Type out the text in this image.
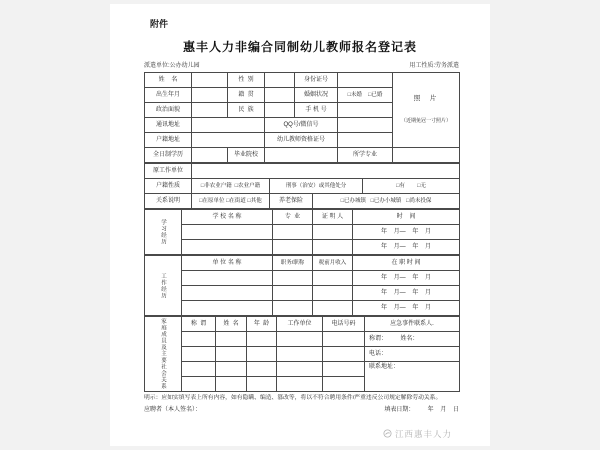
附件
惠丰人力非编合同制幼儿教师报名登记表
派遣单位:公办幼儿园	用工性质:劳务派遣
姓    名		性  别		身份证号		照  片

（近期免冠一寸照片）

出生年月		籍  贯		婚姻状况	□未婚    □已婚	
政治面貌		民  族		手 机 号		
通讯地址			QQ号/微信号			
户籍地址			幼儿教师资格证号			
全日制学历		毕业院校			所学专业	
原工作单位				
户籍性质	□非农业户籍  □农业户籍	刑事（治安）或其他处分		□有        □无
关系说明	□在原单位 □在街道 □其他	养老保险	□已办城镇   □已办小城镇   □尚未投保	
学习经历	学 校 名 称	专  业	证 明 人	时    间
				年    月—    年    月
				年    月—    年    月
工作经历	单 位 名 称	职务/职称	税前月收入	在 职 时 间
				年    月—    年    月
				年    月—    年    月
				年    月—    年    月
家庭成员及主要社会关系	称  谓	姓  名	年  龄	工作单位	电话号码	应急事件联系人.
						称谓：        姓名：
						电话：
						联系地址：

明示：应如实填写表上所有内容，如有隐瞒、编造、篡改等，将以不符合聘用条件/严重违反公司规定解除劳动关系。
应聘者（本人签名）：	填表日期：        年    月    日
江西惠丰人力
